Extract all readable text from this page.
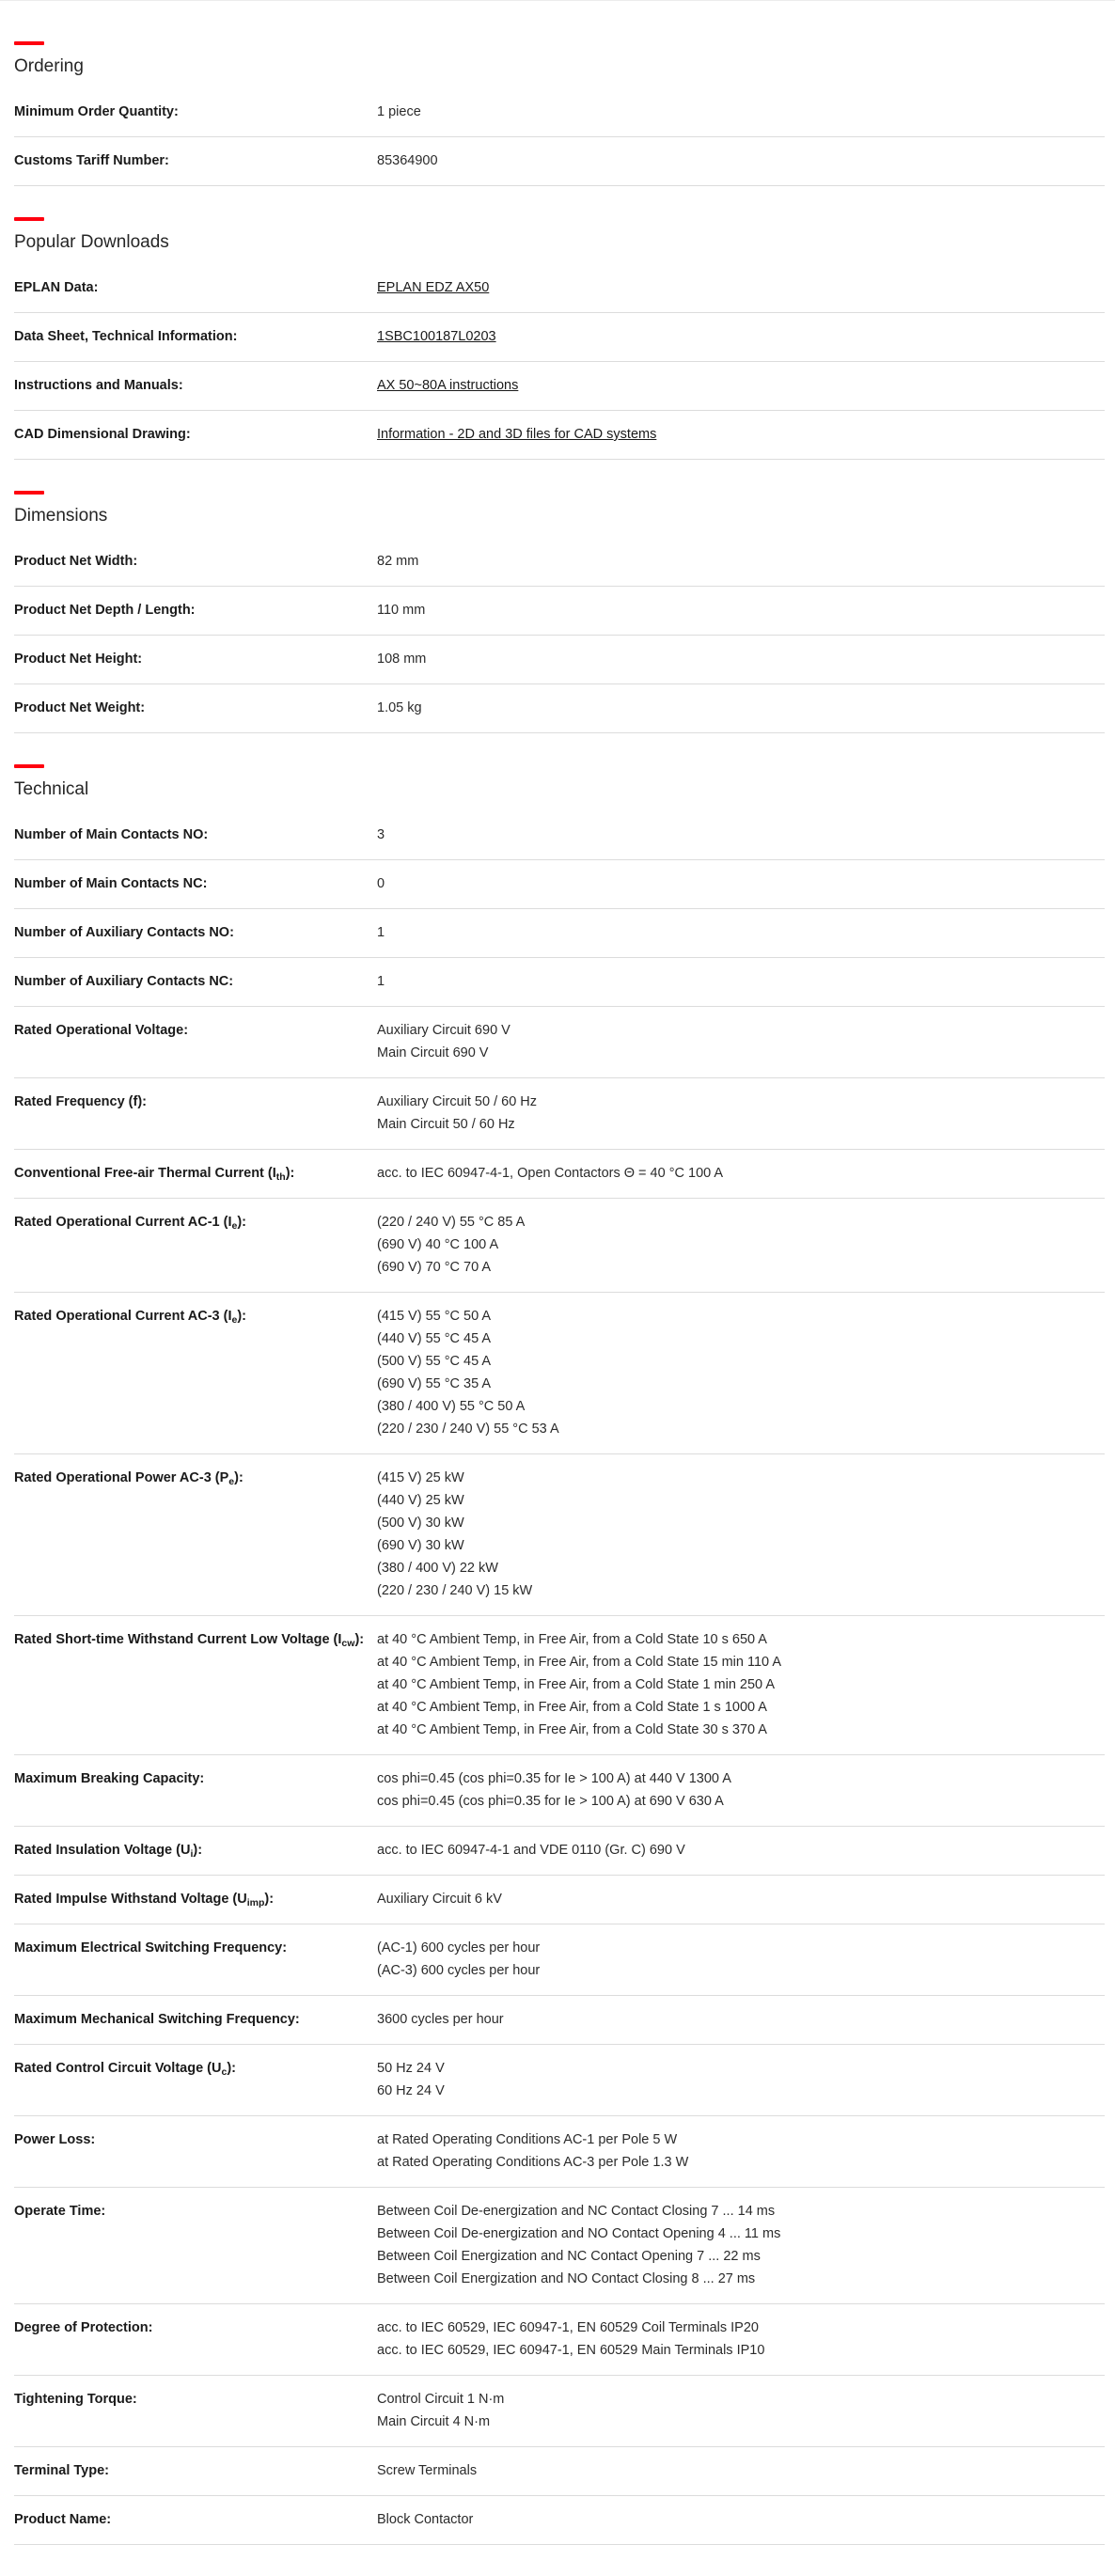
Ordering
Minimum Order Quantity:	1 piece
Customs Tariff Number:	85364900
Popular Downloads
EPLAN Data:	EPLAN EDZ AX50
Data Sheet, Technical Information:	1SBC100187L0203
Instructions and Manuals:	AX 50~80A instructions
CAD Dimensional Drawing:	Information - 2D and 3D files for CAD systems
Dimensions
Product Net Width:	82 mm
Product Net Depth / Length:	110 mm
Product Net Height:	108 mm
Product Net Weight:	1.05 kg
Technical
Number of Main Contacts NO:	3
Number of Main Contacts NC:	0
Number of Auxiliary Contacts NO:	1
Number of Auxiliary Contacts NC:	1
Rated Operational Voltage:	Auxiliary Circuit 690 V
Main Circuit 690 V
Rated Frequency (f):	Auxiliary Circuit 50 / 60 Hz
Main Circuit 50 / 60 Hz
Conventional Free-air Thermal Current $(I_{th})$:	acc. to IEC 60947-4-1, Open Contactors Θ = 40 °C 100 A
Rated Operational Current AC-1 $(I_e)$:	(220 / 240 V) 55 °C 85 A
(690 V) 40 °C 100 A
(690 V) 70 °C 70 A
Rated Operational Current AC-3 $(I_e)$:	(415 V) 55 °C 50 A
(440 V) 55 °C 45 A
(500 V) 55 °C 45 A
(690 V) 55 °C 35 A
(380 / 400 V) 55 °C 50 A
(220 / 230 / 240 V) 55 °C 53 A
Rated Operational Power AC-3 $(P_e)$:	(415 V) 25 kW
(440 V) 25 kW
(500 V) 30 kW
(690 V) 30 kW
(380 / 400 V) 22 kW
(220 / 230 / 240 V) 15 kW
Rated Short-time Withstand Current Low Voltage $(I_{cw})$: at 40 °C Ambient Temp, in Free Air, from a Cold State 10 s 650 A
at 40 °C Ambient Temp, in Free Air, from a Cold State 15 min 110 A
at 40 °C Ambient Temp, in Free Air, from a Cold State 1 min 250 A
at 40 °C Ambient Temp, in Free Air, from a Cold State 1 s 1000 A
at 40 °C Ambient Temp, in Free Air, from a Cold State 30 s 370 A
Maximum Breaking Capacity:	cos phi=0.45 (cos phi=0.35 for Ie > 100 A) at 440 V 1300 A
cos phi=0.45 (cos phi=0.35 for Ie > 100 A) at 690 V 630 A
Rated Insulation Voltage $(U_i)$:	acc. to IEC 60947-4-1 and VDE 0110 (Gr. C) 690 V
Rated Impulse Withstand Voltage $(U_{imp})$:	Auxiliary Circuit 6 kV
Maximum Electrical Switching Frequency:	(AC-1) 600 cycles per hour
(AC-3) 600 cycles per hour
Maximum Mechanical Switching Frequency:	3600 cycles per hour
Rated Control Circuit Voltage $(U_c)$:	50 Hz 24 V
60 Hz 24 V
Power Loss:	at Rated Operating Conditions AC-1 per Pole 5 W
at Rated Operating Conditions AC-3 per Pole 1.3 W
Operate Time:	Between Coil De-energization and NC Contact Closing 7 ... 14 ms
Between Coil De-energization and NO Contact Opening 4 ... 11 ms
Between Coil Energization and NC Contact Opening 7 ... 22 ms
Between Coil Energization and NO Contact Closing 8 ... 27 ms
Degree of Protection:	acc. to IEC 60529, IEC 60947-1, EN 60529 Coil Terminals IP20
acc. to IEC 60529, IEC 60947-1, EN 60529 Main Terminals IP10
Tightening Torque:	Control Circuit 1 N·m
Main Circuit 4 N·m
Terminal Type:	Screw Terminals
Product Name:	Block Contactor
